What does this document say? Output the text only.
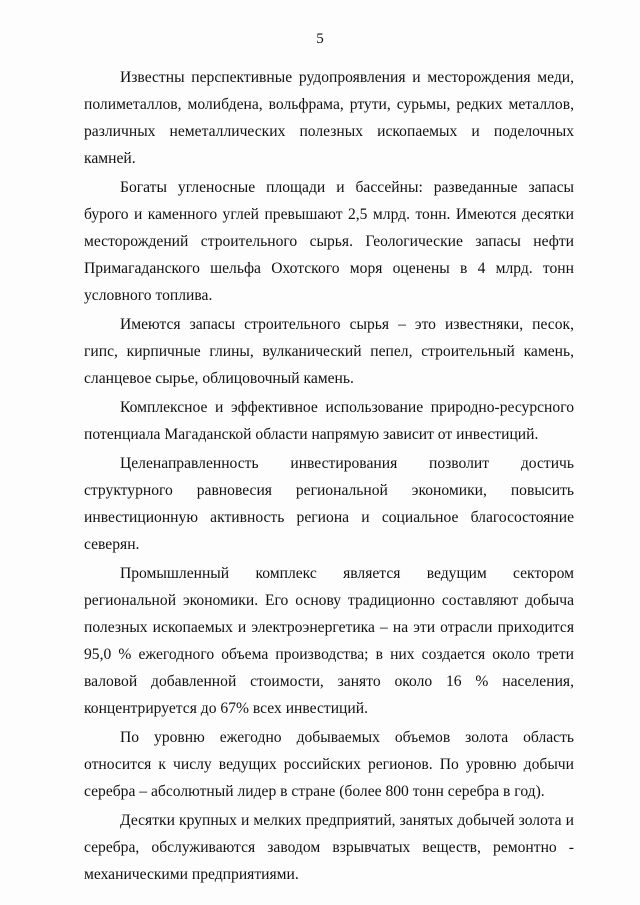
5

Известны перспективные рудопроявления и месторождения меди, полиметаллов, молибдена, вольфрама, ртути, сурьмы, редких металлов, различных неметаллических полезных ископаемых и поделочных камней.

Богаты угленосные площади и бассейны: разведанные запасы бурого и каменного углей превышают 2,5 млрд. тонн. Имеются десятки месторождений строительного сырья. Геологические запасы нефти Примагаданского шельфа Охотского моря оценены в 4 млрд. тонн условного топлива.

Имеются запасы строительного сырья – это известняки, песок, гипс, кирпичные глины, вулканический пепел, строительный камень, сланцевое сырье, облицовочный камень.

Комплексное и эффективное использование природно-ресурсного потенциала Магаданской области напрямую зависит от инвестиций.

Целенаправленность инвестирования позволит достичь структурного равновесия региональной экономики, повысить инвестиционную активность региона и социальное благосостояние северян.

Промышленный комплекс является ведущим сектором региональной экономики. Его основу традиционно составляют добыча полезных ископаемых и электроэнергетика – на эти отрасли приходится 95,0 % ежегодного объема производства; в них создается около трети валовой добавленной стоимости, занято около 16 % населения, концентрируется до 67% всех инвестиций.

По уровню ежегодно добываемых объемов золота область относится к числу ведущих российских регионов. По уровню добычи серебра – абсолютный лидер в стране (более 800 тонн серебра в год).

Десятки крупных и мелких предприятий, занятых добычей золота и серебра, обслуживаются заводом взрывчатых веществ, ремонтно - механическими предприятиями.
